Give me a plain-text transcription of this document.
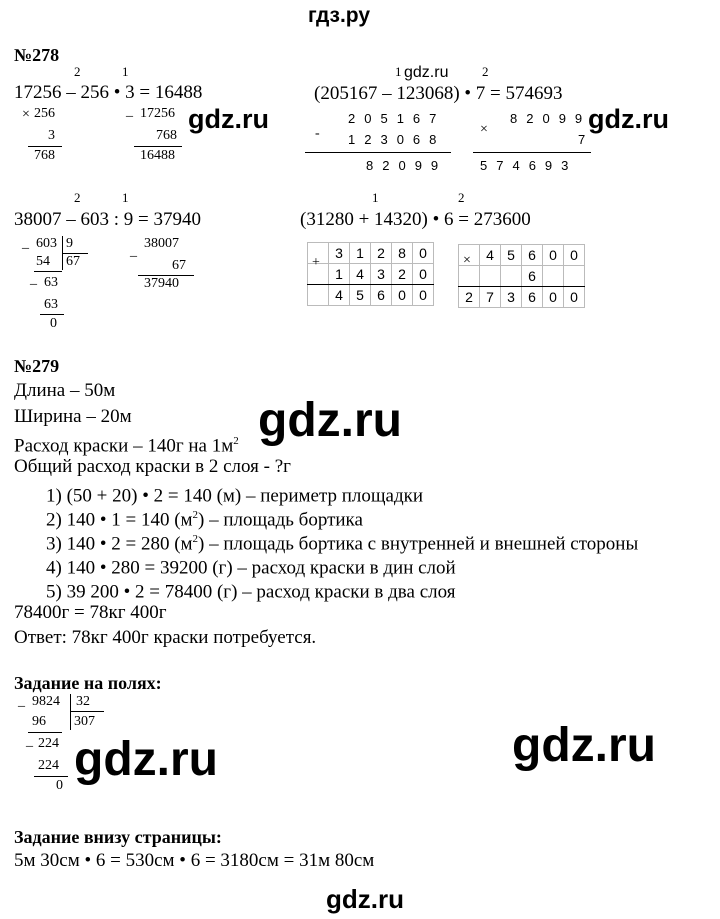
гдз.ру
№278
2	1
17256 – 256 • 3 = 16488
× 256
3
768
_ 17256
768
16488
gdz.ru
1 gdz.ru	2
(205167 – 123068) • 7 = 574693
-
205167
123068
82099
×
82099
7
574693
gdz.ru
2	1
38007 – 603 : 9 = 37940
_ 603 9
54 67
_ 63
63
0
_
38007
67
37940
1	2
(31280 + 14320) • 6 = 273600
	3	1	2	8	0
	1	4	3	2	0
	4	5	6	0	0
+
		4	5	6	0	0
			6		
2	7	3	6	0	0
×
№279
Длина – 50м
Ширина – 20м
Расход краски – 140г на $1м^2$
Общий расход краски в 2 слоя - ?г
gdz.ru
1) (50 + 20) • 2 = 140 (м) – периметр площадки
2) 140 • 1 = 140 $(м^2)$ – площадь бортика
3) 140 • 2 = 280 $(м^2)$ – площадь бортика с внутренней и внешней стороны
4) 140 • 280 = 39200 (г) – расход краски в дин слой
5) 39 200 • 2 = 78400 (г) – расход краски в два слоя
78400г = 78кг 400г
Ответ: 78кг 400г краски потребуется.
Задание на полях:
_ 9824 32
96 307
_ 224
224
0 gdz.ru	gdz.ru
Задание внизу страницы:
5м 30см • 6 = 530см • 6 = 3180см = 31м 80см
gdz.ru
